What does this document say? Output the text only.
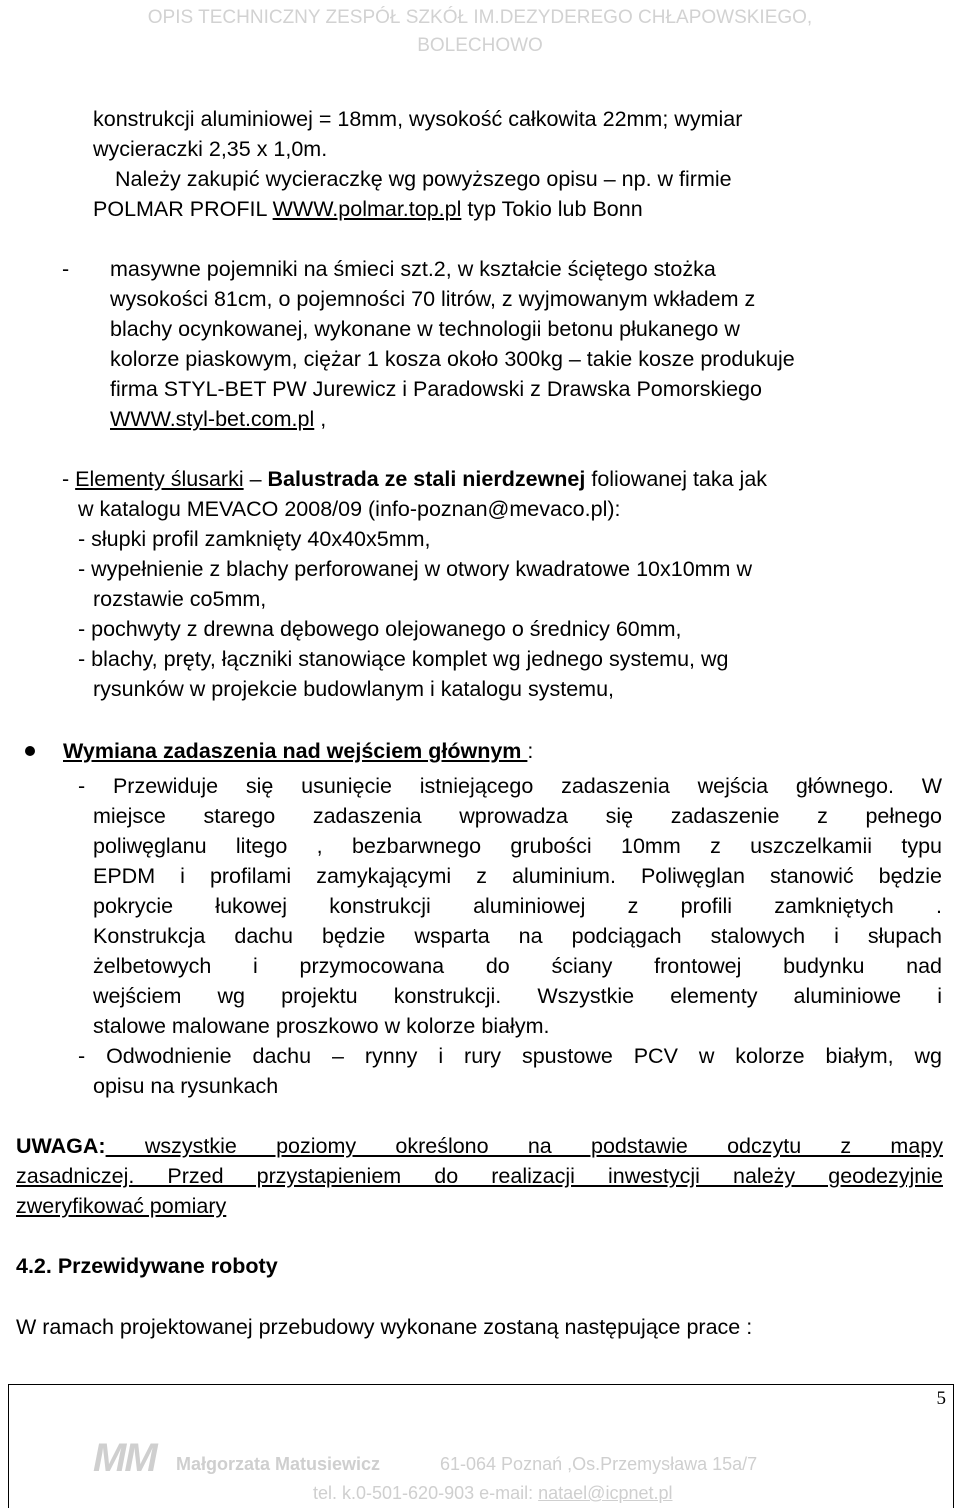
OPIS TECHNICZNY ZESPÓŁ SZKÓŁ IM.DEZYDEREGO CHŁAPOWSKIEGO,
BOLECHOWO
konstrukcji aluminiowej = 18mm, wysokość całkowita 22mm; wymiar
wycieraczki 2,35 x 1,0m.
Należy zakupić wycieraczkę wg powyższego opisu – np. w firmie
POLMAR PROFIL WWW.polmar.top.pl typ Tokio lub Bonn
- masywne pojemniki na śmieci szt.2, w kształcie ściętego stożka
wysokości 81cm, o pojemności 70 litrów, z wyjmowanym wkładem z
blachy ocynkowanej, wykonane w technologii betonu płukanego w
kolorze piaskowym, ciężar 1 kosza około 300kg – takie kosze produkuje
firma STYL-BET PW Jurewicz i Paradowski z Drawska Pomorskiego
WWW.styl-bet.com.pl ,
- Elementy ślusarki – Balustrada ze stali nierdzewnej foliowanej taka jak
w katalogu MEVACO 2008/09 (info-poznan@mevaco.pl):
- słupki profil zamknięty 40x40x5mm,
- wypełnienie z blachy perforowanej w otwory kwadratowe 10x10mm w
rozstawie co5mm,
- pochwyty z drewna dębowego olejowanego o średnicy 60mm,
- blachy, pręty, łączniki stanowiące komplet wg jednego systemu, wg
rysunków w projekcie budowlanym i katalogu systemu,
Wymiana zadaszenia nad wejściem głównym :
- Przewiduje się usunięcie istniejącego zadaszenia wejścia głównego. W
miejsce starego zadaszenia wprowadza się zadaszenie z pełnego
poliwęglanu litego , bezbarwnego grubości 10mm z uszczelkamii typu
EPDM i profilami zamykającymi z aluminium. Poliwęglan stanowić będzie
pokrycie łukowej konstrukcji aluminiowej z profili zamkniętych .
Konstrukcja dachu będzie wsparta na podciągach stalowych i słupach
żelbetowych i przymocowana do ściany frontowej budynku nad
wejściem wg projektu konstrukcji. Wszystkie elementy aluminiowe i
stalowe malowane proszkowo w kolorze białym.
- Odwodnienie dachu – rynny i rury spustowe PCV w kolorze białym, wg
opisu na rysunkach
UWAGA: wszystkie poziomy określono na podstawie odczytu z mapy
zasadniczej. Przed przystapieniem do realizacji inwestycji należy geodezyjnie
zweryfikować pomiary
4.2. Przewidywane roboty
W ramach projektowanej przebudowy wykonane zostaną następujące prace :
5
MM Małgorzata Matusiewicz	61-064 Poznań ,Os.Przemysława 15a/7
tel. k.0-501-620-903 e-mail: natael@icpnet.pl
